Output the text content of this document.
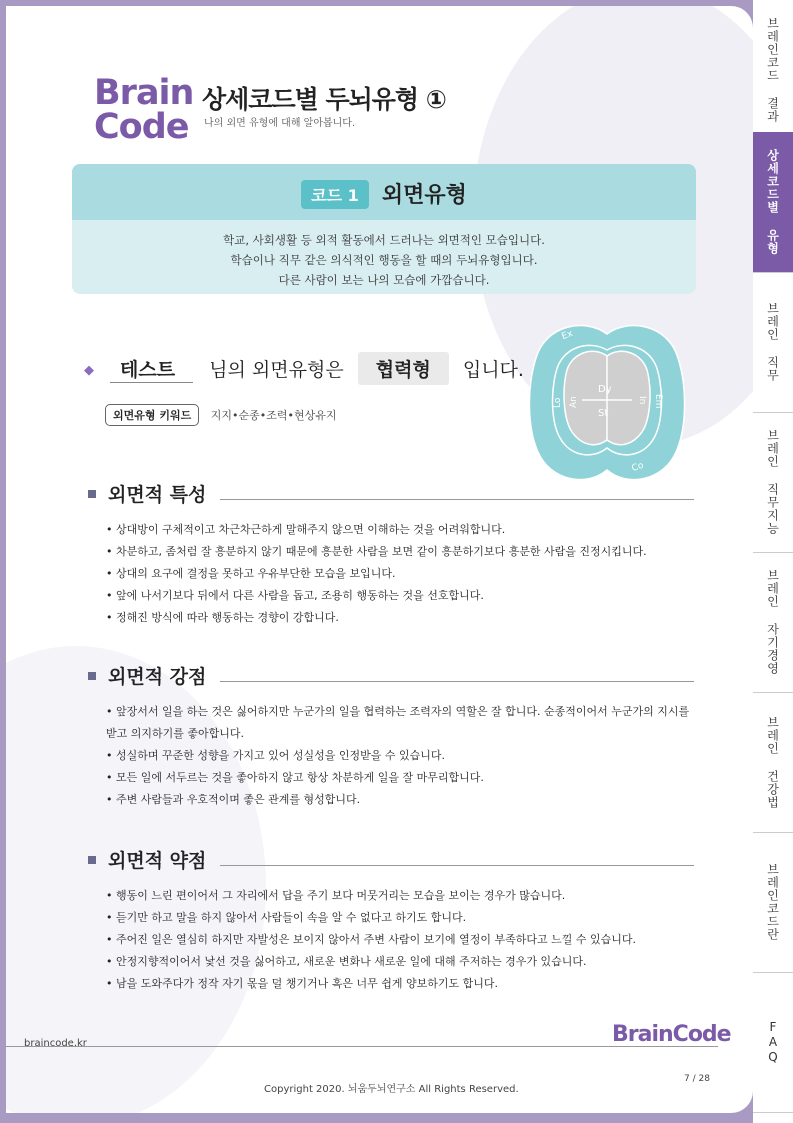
Brain
Code
상세코드별 두뇌유형 ①
나의 외면 유형에 대해 알아봅니다.
코드 1 외면유형
학교, 사회생활 등 외적 활동에서 드러나는 외면적인 모습입니다.
학습이나 직무 같은 의식적인 행동을 할 때의 두뇌유형입니다.
다른 사람이 보는 나의 모습에 가깝습니다.
◆ 테스트 님의 외면유형은 협력형 입니다.
외면유형 키워드 지지•순종•조력•현상유지
Ex
Lo An
Dy
St
In Em
Co
외면적 특성
• 상대방이 구체적이고 차근차근하게 말해주지 않으면 이해하는 것을 어려워합니다.
• 차분하고, 좀처럼 잘 흥분하지 않기 때문에 흥분한 사람을 보면 같이 흥분하기보다 흥분한 사람을 진정시킵니다.
• 상대의 요구에 결정을 못하고 우유부단한 모습을 보입니다.
• 앞에 나서기보다 뒤에서 다른 사람을 돕고, 조용히 행동하는 것을 선호합니다.
• 정해진 방식에 따라 행동하는 경향이 강합니다.
외면적 강점
• 앞장서서 일을 하는 것은 싫어하지만 누군가의 일을 협력하는 조력자의 역할은 잘 합니다. 순종적이어서 누군가의 지시를 받고 의지하기를 좋아합니다.
• 성실하며 꾸준한 성향을 가지고 있어 성실성을 인정받을 수 있습니다.
• 모든 일에 서두르는 것을 좋아하지 않고 항상 차분하게 일을 잘 마무리합니다.
• 주변 사람들과 우호적이며 좋은 관계를 형성합니다.
외면적 약점
• 행동이 느린 편이어서 그 자리에서 답을 주기 보다 머뭇거리는 모습을 보이는 경우가 많습니다.
• 듣기만 하고 말을 하지 않아서 사람들이 속을 알 수 없다고 하기도 합니다.
• 주어진 일은 열심히 하지만 자발성은 보이지 않아서 주변 사람이 보기에 열정이 부족하다고 느낄 수 있습니다.
• 안정지향적이어서 낯선 것을 싫어하고, 새로운 변화나 새로운 일에 대해 주저하는 경우가 있습니다.
• 남을 도와주다가 정작 자기 몫을 덜 챙기거나 혹은 너무 쉽게 양보하기도 합니다.
braincode.kr	BrainCode
Copyright 2020. 뇌움두뇌연구소 All Rights Reserved.
7 / 28
브레인코드 결과
상세코드별 유형
브레인 직무
브레인 직무지능
브레인 자기경영
브레인 건강법
브레인코드란
FAQ
